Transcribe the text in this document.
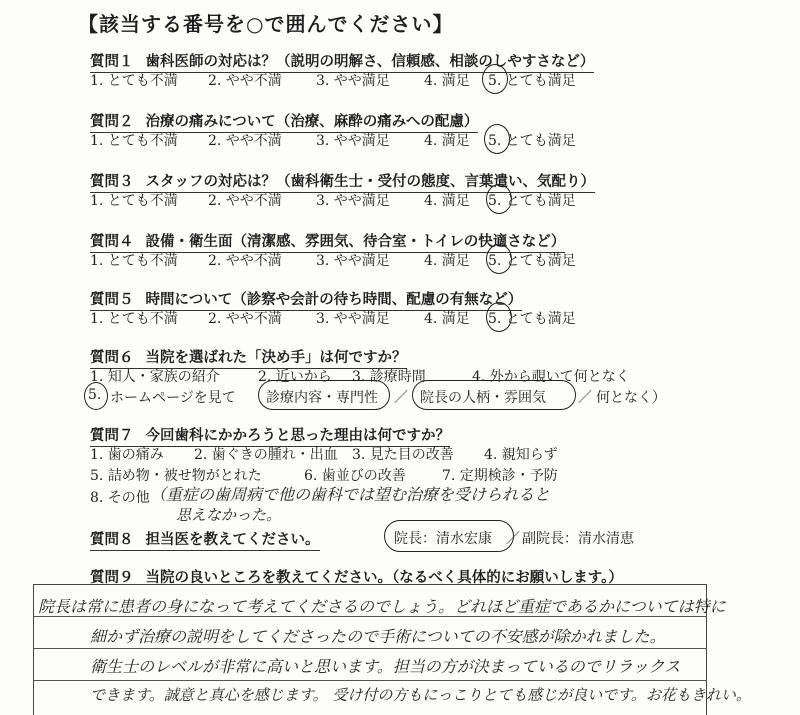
【該当する番号を○で囲んでください】
質問１ 歯科医師の対応は？（説明の明解さ、信頼感、相談のしやすさなど）
1. とても不満 2. やや不満 3. やや満足 4. 満足 5. とても満足
質問２ 治療の痛みについて（治療、麻酔の痛みへの配慮）
1. とても不満 2. やや不満 3. やや満足 4. 満足 5. とても満足
質問３ スタッフの対応は？（歯科衛生士・受付の態度、言葉遣い、気配り）
1. とても不満 2. やや不満 3. やや満足 4. 満足 5. とても満足
質問４ 設備・衛生面（清潔感、雰囲気、待合室・トイレの快適さなど）
1. とても不満 2. やや不満 3. やや満足 4. 満足 5. とても満足
質問５ 時間について（診察や会計の待ち時間、配慮の有無など）
1. とても不満 2. やや不満 3. やや満足 4. 満足 5. とても満足
質問６ 当院を選ばれた「決め手」は何ですか？
1. 知人・家族の紹介	2. 近いから 3. 診療時間	4. 外から覗いて何となく
5. ホームページを見て 診療内容・専門性 ／ 院長の人柄・雰囲気 ／ 何となく）
質問７ 今回歯科にかかろうと思った理由は何ですか？
1. 歯の痛み 2. 歯ぐきの腫れ・出血 3. 見た目の改善 4. 親知らず
5. 詰め物・被せ物がとれた	6. 歯並びの改善	7. 定期検診・予防
8. その他 （重症の歯周病で他の歯科では望む治療を受けられると
思えなかった。
質問８ 担当医を教えてください。	院長：清水宏康 ／ 副院長：清水清恵
質問９ 当院の良いところを教えてください。（なるべく具体的にお願いします。）
院長は常に患者の身になって考えてくださるのでしょう。どれほど重症であるかについては特に
細かず治療の説明をしてくださったので手術についての不安感が除かれました。
衛生士のレベルが非常に高いと思います。担当の方が決まっているのでリラックス
できます。誠意と真心を感じます。 受け付の方もにっこりとても感じが良いです。お花もきれい。
